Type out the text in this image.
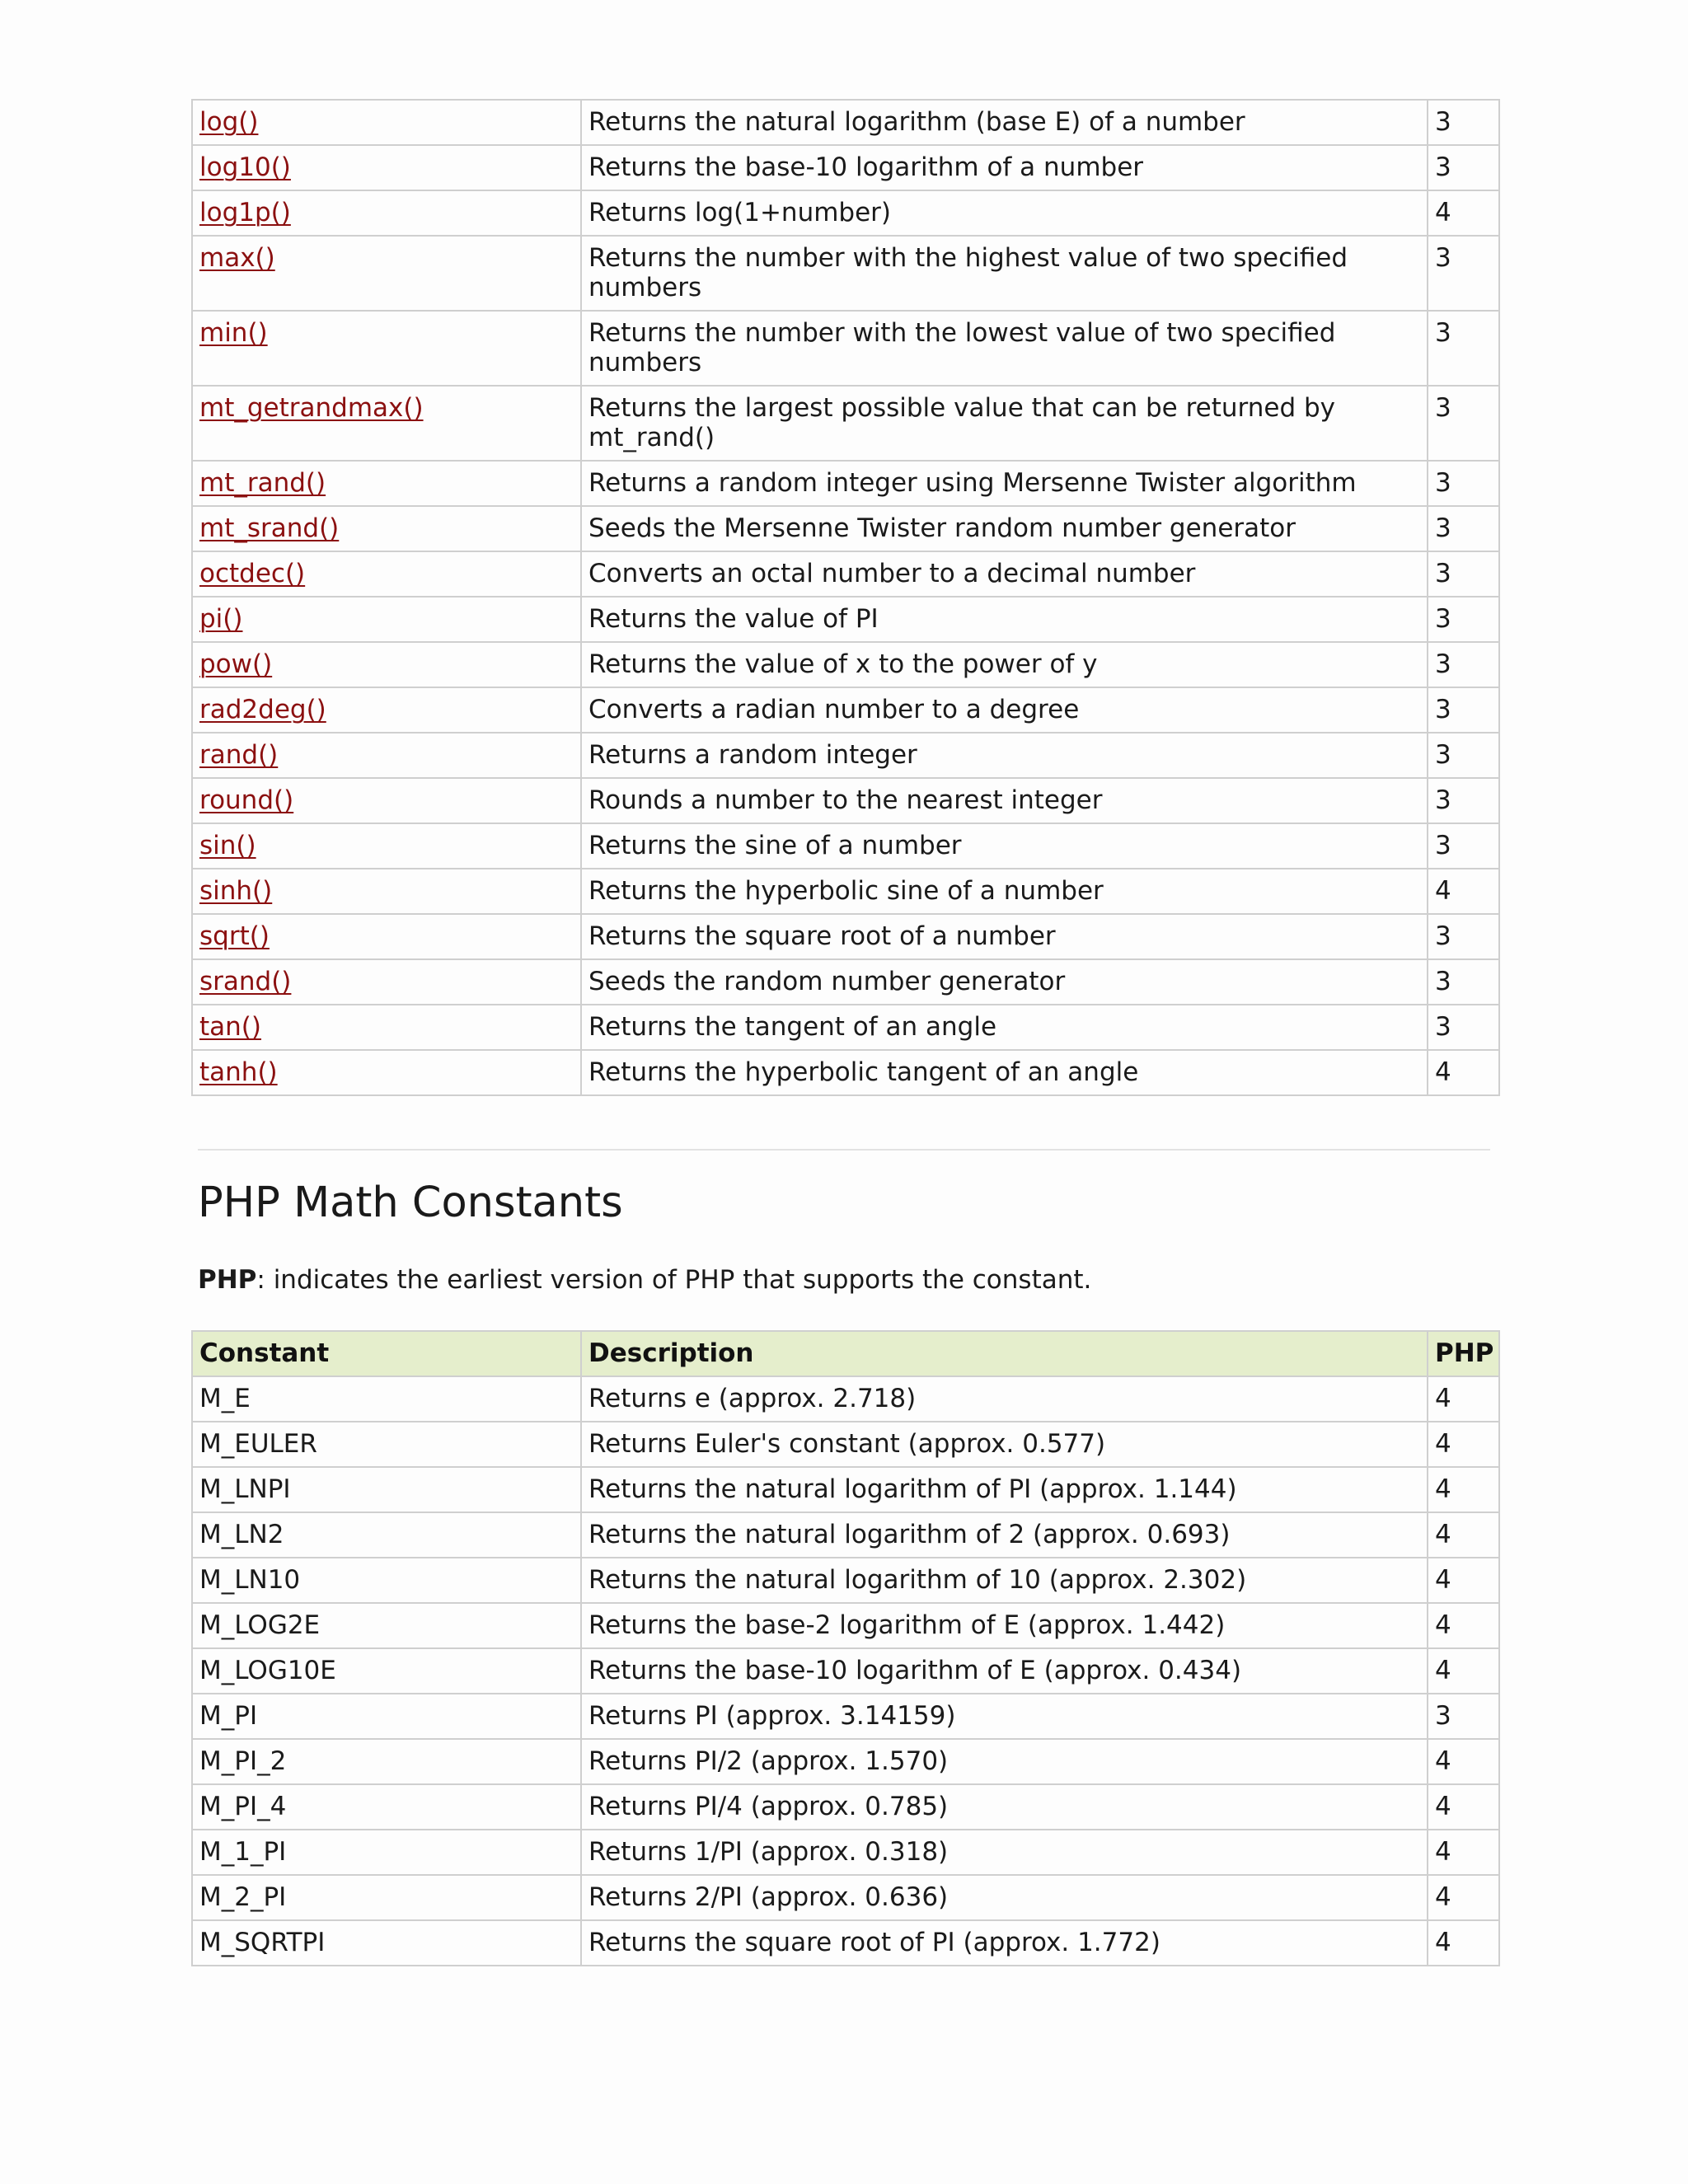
log()	Returns the natural logarithm (base E) of a number	3
log10()	Returns the base-10 logarithm of a number	3
log1p()	Returns log(1+number)	4
max()	Returns the number with the highest value of two specified numbers	3
min()	Returns the number with the lowest value of two specified numbers	3
mt_getrandmax()	Returns the largest possible value that can be returned by mt_rand()	3
mt_rand()	Returns a random integer using Mersenne Twister algorithm	3
mt_srand()	Seeds the Mersenne Twister random number generator	3
octdec()	Converts an octal number to a decimal number	3
pi()	Returns the value of PI	3
pow()	Returns the value of x to the power of y	3
rad2deg()	Converts a radian number to a degree	3
rand()	Returns a random integer	3
round()	Rounds a number to the nearest integer	3
sin()	Returns the sine of a number	3
sinh()	Returns the hyperbolic sine of a number	4
sqrt()	Returns the square root of a number	3
srand()	Seeds the random number generator	3
tan()	Returns the tangent of an angle	3
tanh()	Returns the hyperbolic tangent of an angle	4
PHP Math Constants

PHP: indicates the earliest version of PHP that supports the constant.

Constant	Description	PHP
M_E	Returns e (approx. 2.718)	4
M_EULER	Returns Euler's constant (approx. 0.577)	4
M_LNPI	Returns the natural logarithm of PI (approx. 1.144)	4
M_LN2	Returns the natural logarithm of 2 (approx. 0.693)	4
M_LN10	Returns the natural logarithm of 10 (approx. 2.302)	4
M_LOG2E	Returns the base-2 logarithm of E (approx. 1.442)	4
M_LOG10E	Returns the base-10 logarithm of E (approx. 0.434)	4
M_PI	Returns PI (approx. 3.14159)	3
M_PI_2	Returns PI/2 (approx. 1.570)	4
M_PI_4	Returns PI/4 (approx. 0.785)	4
M_1_PI	Returns 1/PI (approx. 0.318)	4
M_2_PI	Returns 2/PI (approx. 0.636)	4
M_SQRTPI	Returns the square root of PI (approx. 1.772)	4
